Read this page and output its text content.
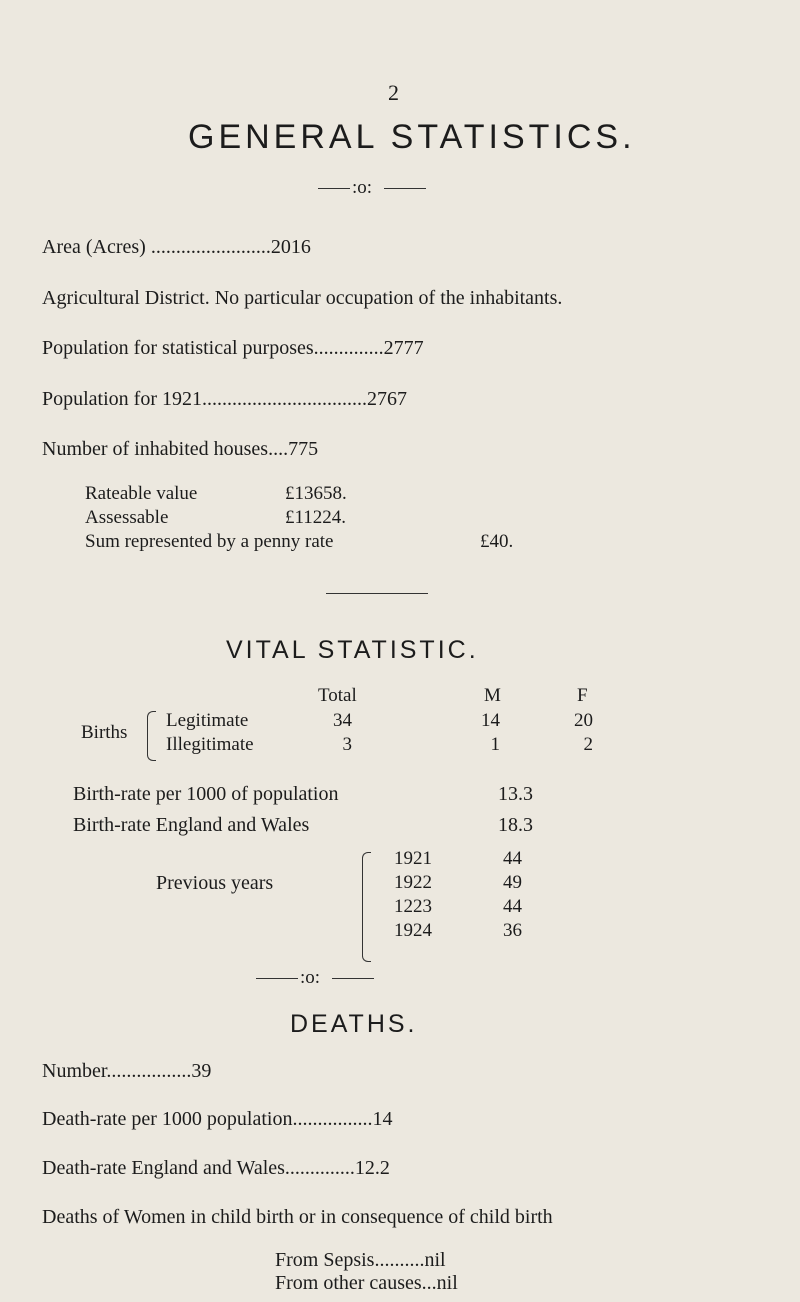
2
GENERAL STATISTICS.
:o:
Area (Acres) ........................2016
Agricultural District. No particular occupation of the inhabitants.
Population for statistical purposes..............2777
Population for 1921.................................2767
Number of inhabited houses....775
Rateable value	£13658.
Assessable	£11224.
Sum represented by a penny rate	£40.
VITAL STATISTIC.
Total	M	F
Births
Legitimate	34	14	20
Illegitimate	3	1	2
Birth-rate per 1000 of population	13.3
Birth-rate England and Wales	18.3
Previous years
1921	44
1922	49
1223	44
1924	36
:o:
DEATHS.
Number.................39
Death-rate per 1000 population................14
Death-rate England and Wales..............12.2
Deaths of Women in child birth or in consequence of child birth
From Sepsis..........nil
From other causes...nil
